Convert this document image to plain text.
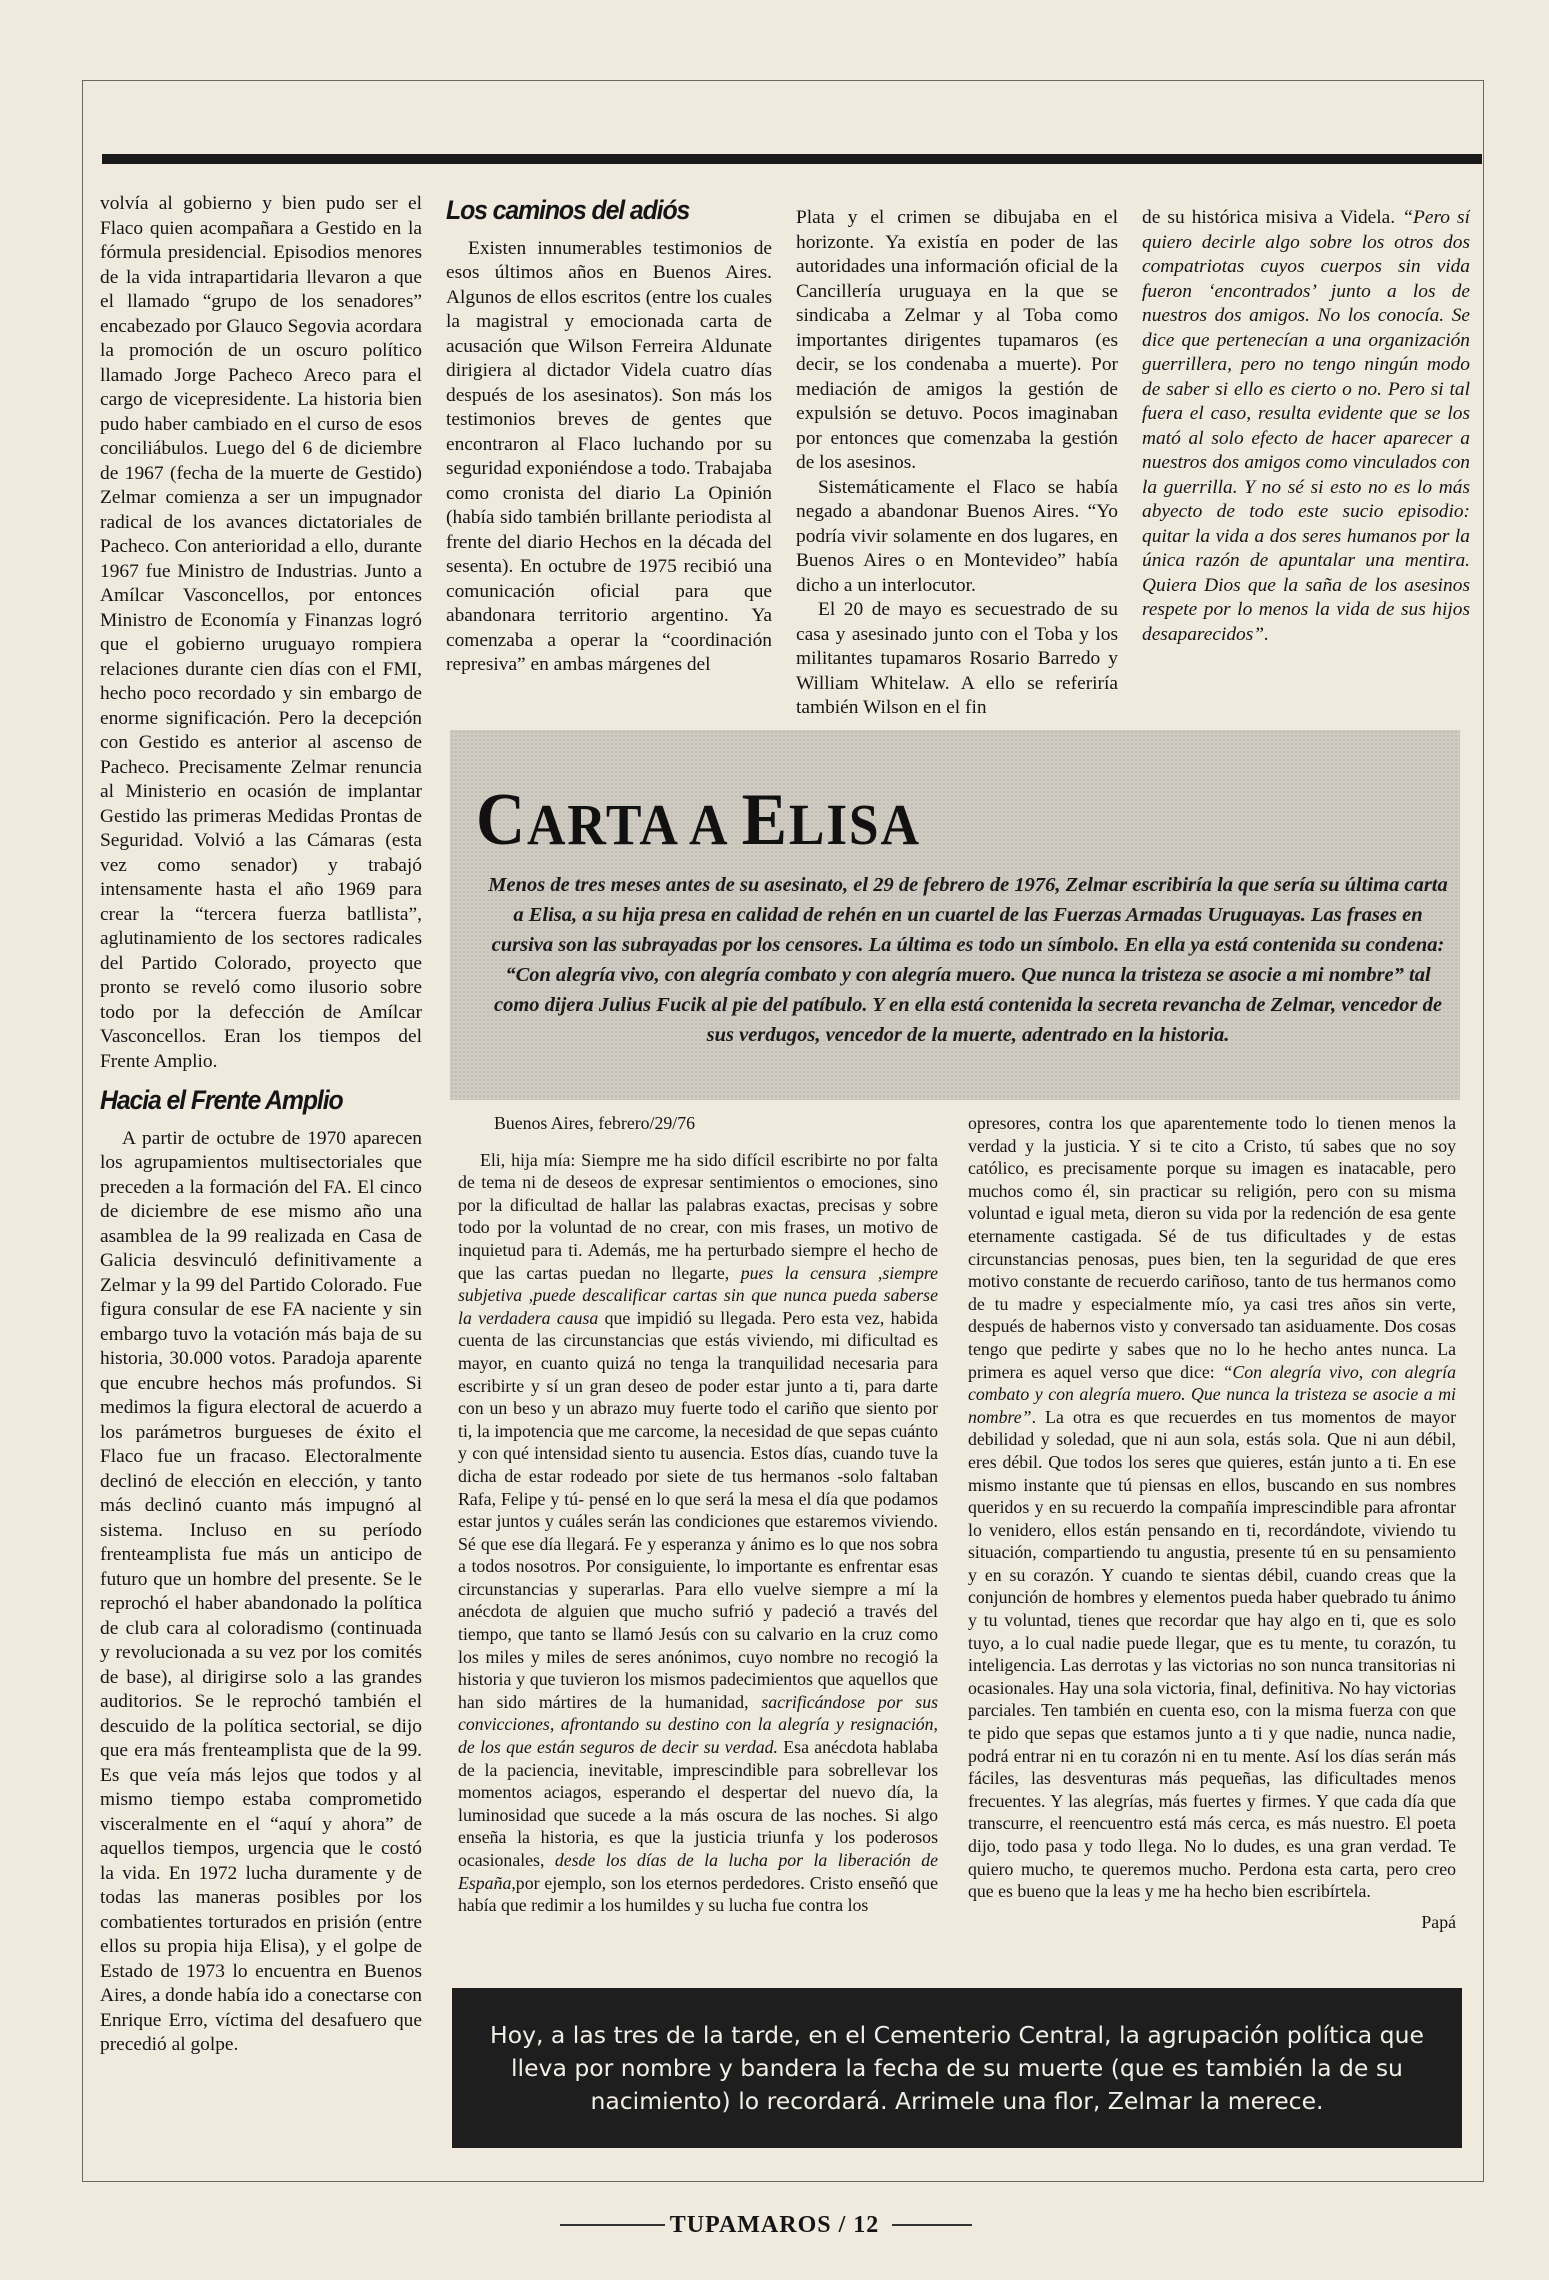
volvía al gobierno y bien pudo ser el Flaco quien acompañara a Gestido en la fórmula presidencial. Episodios menores de la vida intrapartidaria llevaron a que el llamado “grupo de los senadores” encabezado por Glauco Segovia acordara la promoción de un oscuro político llamado Jorge Pacheco Areco para el cargo de vicepresidente. La historia bien pudo haber cambiado en el curso de esos conciliábulos. Luego del 6 de diciembre de 1967 (fecha de la muerte de Gestido) Zelmar comienza a ser un impugnador radical de los avances dictatoriales de Pacheco. Con anterioridad a ello, durante 1967 fue Ministro de Industrias. Junto a Amílcar Vasconcellos, por entonces Ministro de Economía y Finanzas logró que el gobierno uruguayo rompiera relaciones durante cien días con el FMI, hecho poco recordado y sin embargo de enorme significación. Pero la decepción con Gestido es anterior al ascenso de Pacheco. Precisamente Zelmar renuncia al Ministerio en ocasión de implantar Gestido las primeras Medidas Prontas de Seguridad. Volvió a las Cámaras (esta vez como senador) y trabajó intensamente hasta el año 1969 para crear la “tercera fuerza batllista”, aglutinamiento de los sectores radicales del Partido Colorado, proyecto que pronto se reveló como ilusorio sobre todo por la defección de Amílcar Vasconcellos. Eran los tiempos del Frente Amplio.

Hacia el Frente Amplio

A partir de octubre de 1970 aparecen los agrupamientos multisectoriales que preceden a la formación del FA. El cinco de diciembre de ese mismo año una asamblea de la 99 realizada en Casa de Galicia desvinculó definitivamente a Zelmar y la 99 del Partido Colorado. Fue figura consular de ese FA naciente y sin embargo tuvo la votación más baja de su historia, 30.000 votos. Paradoja aparente que encubre hechos más profundos. Si medimos la figura electoral de acuerdo a los parámetros burgueses de éxito el Flaco fue un fracaso. Electoralmente declinó de elección en elección, y tanto más declinó cuanto más impugnó al sistema. Incluso en su período frenteamplista fue más un anticipo de futuro que un hombre del presente. Se le reprochó el haber abandonado la política de club cara al coloradismo (continuada y revolucionada a su vez por los comités de base), al dirigirse solo a las grandes auditorios. Se le reprochó también el descuido de la política sectorial, se dijo que era más frenteamplista que de la 99. Es que veía más lejos que todos y al mismo tiempo estaba comprometido visceralmente en el “aquí y ahora” de aquellos tiempos, urgencia que le costó la vida. En 1972 lucha duramente y de todas las maneras posibles por los combatientes torturados en prisión (entre ellos su propia hija Elisa), y el golpe de Estado de 1973 lo encuentra en Buenos Aires, a donde había ido a conectarse con Enrique Erro, víctima del desafuero que precedió al golpe.

Los caminos del adiós

Existen innumerables testimonios de esos últimos años en Buenos Aires. Algunos de ellos escritos (entre los cuales la magistral y emocionada carta de acusación que Wilson Ferreira Aldunate dirigiera al dictador Videla cuatro días después de los asesinatos). Son más los testimonios breves de gentes que encontraron al Flaco luchando por su seguridad exponiéndose a todo. Trabajaba como cronista del diario La Opinión (había sido también brillante periodista al frente del diario Hechos en la década del sesenta). En octubre de 1975 recibió una comunicación oficial para que abandonara territorio argentino. Ya comenzaba a operar la “coordinación represiva” en ambas márgenes del

Plata y el crimen se dibujaba en el horizonte. Ya existía en poder de las autoridades una información oficial de la Cancillería uruguaya en la que se sindicaba a Zelmar y al Toba como importantes dirigentes tupamaros (es decir, se los condenaba a muerte). Por mediación de amigos la gestión de expulsión se detuvo. Pocos imaginaban por entonces que comenzaba la gestión de los asesinos.

Sistemáticamente el Flaco se había negado a abandonar Buenos Aires. “Yo podría vivir solamente en dos lugares, en Buenos Aires o en Montevideo” había dicho a un interlocutor.

El 20 de mayo es secuestrado de su casa y asesinado junto con el Toba y los militantes tupamaros Rosario Barredo y William Whitelaw. A ello se referiría también Wilson en el fin

de su histórica misiva a Videla. “Pero sí quiero decirle algo sobre los otros dos compatriotas cuyos cuerpos sin vida fueron ‘encontrados’ junto a los de nuestros dos amigos. No los conocía. Se dice que pertenecían a una organización guerrillera, pero no tengo ningún modo de saber si ello es cierto o no. Pero si tal fuera el caso, resulta evidente que se los mató al solo efecto de hacer aparecer a nuestros dos amigos como vinculados con la guerrilla. Y no sé si esto no es lo más abyecto de todo este sucio episodio: quitar la vida a dos seres humanos por la única razón de apuntalar una mentira. Quiera Dios que la saña de los asesinos respete por lo menos la vida de sus hijos desaparecidos”.

CARTA A ELISA
Menos de tres meses antes de su asesinato, el 29 de febrero de 1976, Zelmar escribiría la que sería su última carta a Elisa, a su hija presa en calidad de rehén en un cuartel de las Fuerzas Armadas Uruguayas. Las frases en cursiva son las subrayadas por los censores. La última es todo un símbolo. En ella ya está contenida su condena: “Con alegría vivo, con alegría combato y con alegría muero. Que nunca la tristeza se asocie a mi nombre” tal como dijera Julius Fucik al pie del patíbulo. Y en ella está contenida la secreta revancha de Zelmar, vencedor de sus verdugos, vencedor de la muerte, adentrado en la historia.

Buenos Aires, febrero/29/76

Eli, hija mía: Siempre me ha sido difícil escribirte no por falta de tema ni de deseos de expresar sentimientos o emociones, sino por la dificultad de hallar las palabras exactas, precisas y sobre todo por la voluntad de no crear, con mis frases, un motivo de inquietud para ti. Además, me ha perturbado siempre el hecho de que las cartas puedan no llegarte, pues la censura ,siempre subjetiva ,puede descalificar cartas sin que nunca pueda saberse la verdadera causa que impidió su llegada. Pero esta vez, habida cuenta de las circunstancias que estás viviendo, mi dificultad es mayor, en cuanto quizá no tenga la tranquilidad necesaria para escribirte y sí un gran deseo de poder estar junto a ti, para darte con un beso y un abrazo muy fuerte todo el cariño que siento por ti, la impotencia que me carcome, la necesidad de que sepas cuánto y con qué intensidad siento tu ausencia. Estos días, cuando tuve la dicha de estar rodeado por siete de tus hermanos -solo faltaban Rafa, Felipe y tú- pensé en lo que será la mesa el día que podamos estar juntos y cuáles serán las condiciones que estaremos viviendo. Sé que ese día llegará. Fe y esperanza y ánimo es lo que nos sobra a todos nosotros. Por consiguiente, lo importante es enfrentar esas circunstancias y superarlas. Para ello vuelve siempre a mí la anécdota de alguien que mucho sufrió y padeció a través del tiempo, que tanto se llamó Jesús con su calvario en la cruz como los miles y miles de seres anónimos, cuyo nombre no recogió la historia y que tuvieron los mismos padecimientos que aquellos que han sido mártires de la humanidad, sacrificándose por sus convicciones, afrontando su destino con la alegría y resignación, de los que están seguros de decir su verdad. Esa anécdota hablaba de la paciencia, inevitable, imprescindible para sobrellevar los momentos aciagos, esperando el despertar del nuevo día, la luminosidad que sucede a la más oscura de las noches. Si algo enseña la historia, es que la justicia triunfa y los poderosos ocasionales, desde los días de la lucha por la liberación de España,por ejemplo, son los eternos perdedores. Cristo enseñó que había que redimir a los humildes y su lucha fue contra los

opresores, contra los que aparentemente todo lo tienen menos la verdad y la justicia. Y si te cito a Cristo, tú sabes que no soy católico, es precisamente porque su imagen es inatacable, pero muchos como él, sin practicar su religión, pero con su misma voluntad e igual meta, dieron su vida por la redención de esa gente eternamente castigada. Sé de tus dificultades y de estas circunstancias penosas, pues bien, ten la seguridad de que eres motivo constante de recuerdo cariñoso, tanto de tus hermanos como de tu madre y especialmente mío, ya casi tres años sin verte, después de habernos visto y conversado tan asiduamente. Dos cosas tengo que pedirte y sabes que no lo he hecho antes nunca. La primera es aquel verso que dice: “Con alegría vivo, con alegría combato y con alegría muero. Que nunca la tristeza se asocie a mi nombre”. La otra es que recuerdes en tus momentos de mayor debilidad y soledad, que ni aun sola, estás sola. Que ni aun débil, eres débil. Que todos los seres que quieres, están junto a ti. En ese mismo instante que tú piensas en ellos, buscando en sus nombres queridos y en su recuerdo la compañía imprescindible para afrontar lo venidero, ellos están pensando en ti, recordándote, viviendo tu situación, compartiendo tu angustia, presente tú en su pensamiento y en su corazón. Y cuando te sientas débil, cuando creas que la conjunción de hombres y elementos pueda haber quebrado tu ánimo y tu voluntad, tienes que recordar que hay algo en ti, que es solo tuyo, a lo cual nadie puede llegar, que es tu mente, tu corazón, tu inteligencia. Las derrotas y las victorias no son nunca transitorias ni ocasionales. Hay una sola victoria, final, definitiva. No hay victorias parciales. Ten también en cuenta eso, con la misma fuerza con que te pido que sepas que estamos junto a ti y que nadie, nunca nadie, podrá entrar ni en tu corazón ni en tu mente. Así los días serán más fáciles, las desventuras más pequeñas, las dificultades menos frecuentes. Y las alegrías, más fuertes y firmes. Y que cada día que transcurre, el reencuentro está más cerca, es más nuestro. El poeta dijo, todo pasa y todo llega. No lo dudes, es una gran verdad. Te quiero mucho, te queremos mucho. Perdona esta carta, pero creo que es bueno que la leas y me ha hecho bien escribírtela.

Papá
Hoy, a las tres de la tarde, en el Cementerio Central, la agrupación política que lleva por nombre y bandera la fecha de su muerte (que es también la de su nacimiento) lo recordará. Arrimele una flor, Zelmar la merece.
TUPAMAROS / 12
